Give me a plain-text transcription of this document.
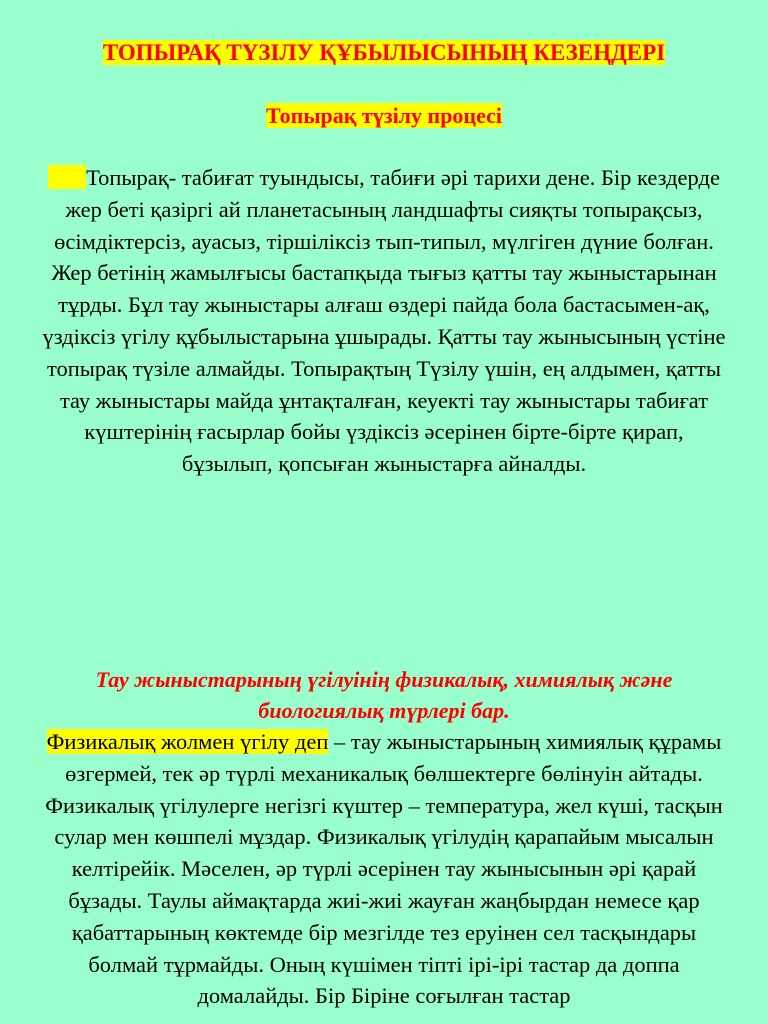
ТОПЫРАҚ ТҮЗІЛУ ҚҰБЫЛЫСЫНЫҢ КЕЗЕҢДЕРІ
Топырақ түзілу процесі

Топырақ- табиғат туындысы, табиғи әрі тарихи дене. Бір кездерде жер беті қазіргі ай планетасының ландшафты сияқты топырақсыз, өсімдіктерсіз, ауасыз, тіршіліксіз тып-типыл, мүлгіген дүние болған. Жер бетінің жамылғысы бастапқыда тығыз қатты тау жыныстарынан тұрды. Бұл тау жыныстары алғаш өздері пайда бола бастасымен-ақ, үздіксіз үгілу құбылыстарына ұшырады. Қатты тау жынысының үстіне топырақ түзіле алмайды. Топырақтың Түзілу үшін, ең алдымен, қатты тау жыныстары майда ұнтақталған, кеуекті тау жыныстары табиғат күштерінің ғасырлар бойы үздіксіз әсерінен бірте-бірте қирап, бұзылып, қопсыған жыныстарға айналды.

Тау жыныстарының үгілуінің физикалық, химиялық және биологиялық түрлері бар.

Физикалық жолмен үгілу деп – тау жыныстарының химиялық құрамы өзгермей, тек әр түрлі механикалық бөлшектерге бөлінуін айтады. Физикалық үгілулерге негізгі күштер – температура, жел күші, тасқын сулар мен көшпелі мұздар. Физикалық үгілудің қарапайым мысалын келтірейік. Мәселен, әр түрлі әсерінен тау жынысынын әрі қарай бұзады. Таулы аймақтарда жиі-жиі жауған жаңбырдан немесе қар қабаттарының көктемде бір мезгілде тез еруінен сел тасқындары болмай тұрмайды. Оның күшімен тіпті ірі-ірі тастар да доппа домалайды. Бір Біріне соғылған тастар
